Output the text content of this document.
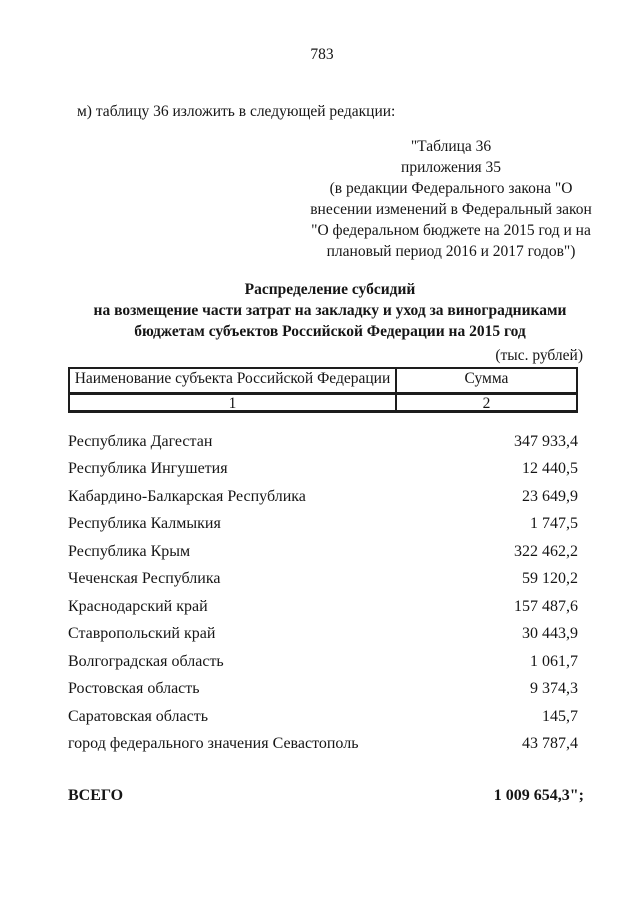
783
м) таблицу 36 изложить в следующей редакции:
"Таблица 36
приложения 35
(в редакции Федерального закона "О
внесении изменений в Федеральный закон
"О федеральном бюджете на 2015 год и на
плановый период 2016 и 2017 годов")
Распределение субсидий
на возмещение части затрат на закладку и уход за виноградниками
бюджетам субъектов Российской Федерации на 2015 год
(тыс. рублей)
Наименование субъекта Российской Федерации	Сумма
1	2
Республика Дагестан	347 933,4
Республика Ингушетия	12 440,5
Кабардино-Балкарская Республика	23 649,9
Республика Калмыкия	1 747,5
Республика Крым	322 462,2
Чеченская Республика	59 120,2
Краснодарский край	157 487,6
Ставропольский край	30 443,9
Волгоградская область	1 061,7
Ростовская область	9 374,3
Саратовская область	145,7
город федерального значения Севастополь	43 787,4
ВСЕГО	1 009 654,3";
